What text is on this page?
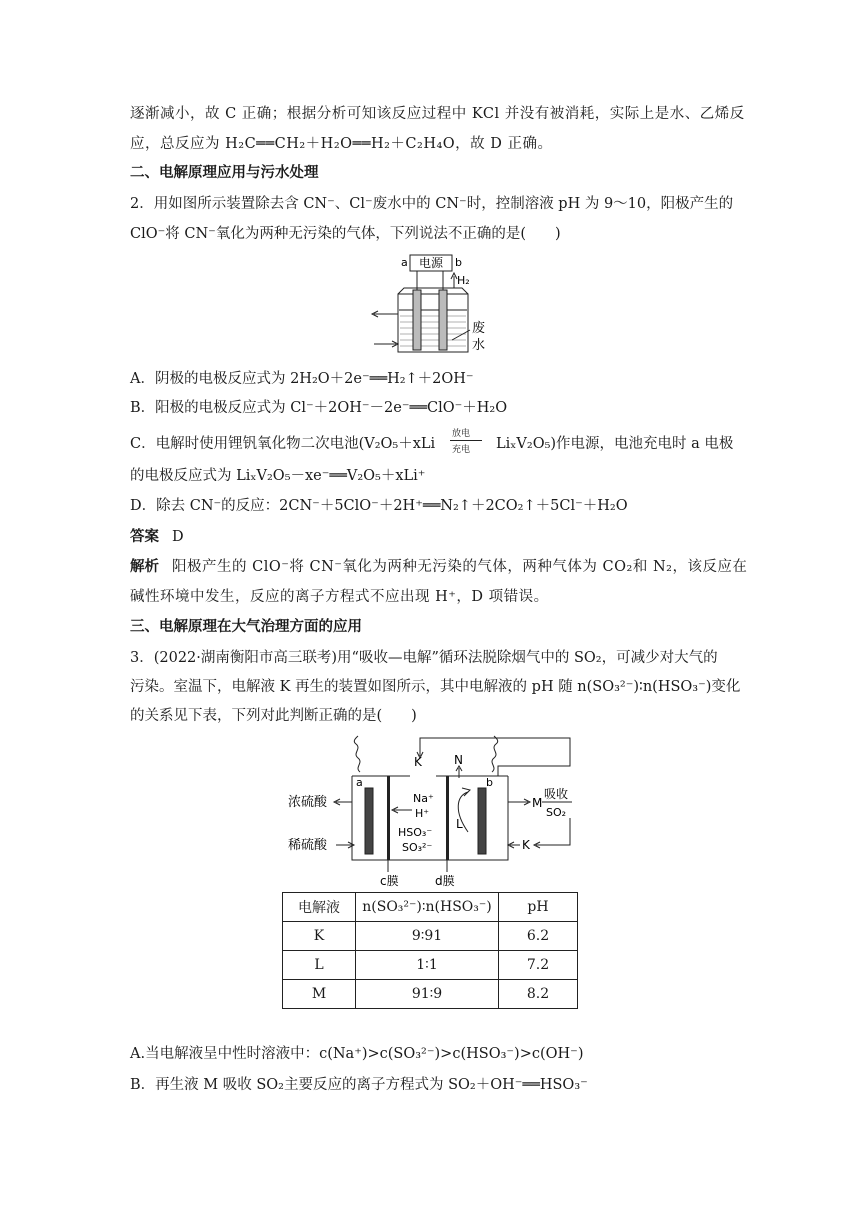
逐渐减小，故 C 正确；根据分析可知该反应过程中 KCl 并没有被消耗，实际上是水、乙烯反
应，总反应为 H₂C══CH₂＋H₂O══H₂＋C₂H₄O，故 D 正确。
二、电解原理应用与污水处理
2．用如图所示装置除去含 CN⁻、Cl⁻废水中的 CN⁻时，控制溶液 pH 为 9～10，阳极产生的
ClO⁻将 CN⁻氧化为两种无污染的气体，下列说法不正确的是(　　)
a 电源 b
H₂
废
水
A．阴极的电极反应式为 2H₂O＋2e⁻══H₂↑＋2OH⁻
B．阳极的电极反应式为 Cl⁻＋2OH⁻－2e⁻══ClO⁻＋H₂O
C．电解时使用锂钒氧化物二次电池(V₂O₅＋xLi
放电
充电 LiₓV₂O₅)作电源，电池充电时 a 电极
的电极反应式为 LiₓV₂O₅－xe⁻══V₂O₅＋xLi⁺
D．除去 CN⁻的反应：2CN⁻＋5ClO⁻＋2H⁺══N₂↑＋2CO₂↑＋5Cl⁻＋H₂O
答案 D
解析 阳极产生的 ClO⁻将 CN⁻氧化为两种无污染的气体，两种气体为 CO₂和 N₂，该反应在
碱性环境中发生，反应的离子方程式不应出现 H⁺，D 项错误。
三、电解原理在大气治理方面的应用
3．(2022·湖南衡阳市高三联考)用“吸收—电解”循环法脱除烟气中的 SO₂，可减少对大气的
污染。室温下，电解液 K 再生的装置如图所示，其中电解液的 pH 随 n(SO₃²⁻)∶n(HSO₃⁻)变化
的关系见下表，下列对此判断正确的是(　　)
a	b
K	N
浓硫酸
稀硫酸
Na⁺
H⁺
HSO₃⁻
SO₃²⁻
L
M
吸收
SO₂
K
c膜	d膜
电解液	n(SO₃²⁻)∶n(HSO₃⁻)	pH
K	9∶91	6.2
L	1∶1	7.2
M	91∶9	8.2
A.当电解液呈中性时溶液中：c(Na⁺)>c(SO₃²⁻)>c(HSO₃⁻)>c(OH⁻)
B．再生液 M 吸收 SO₂主要反应的离子方程式为 SO₂＋OH⁻══HSO₃⁻
